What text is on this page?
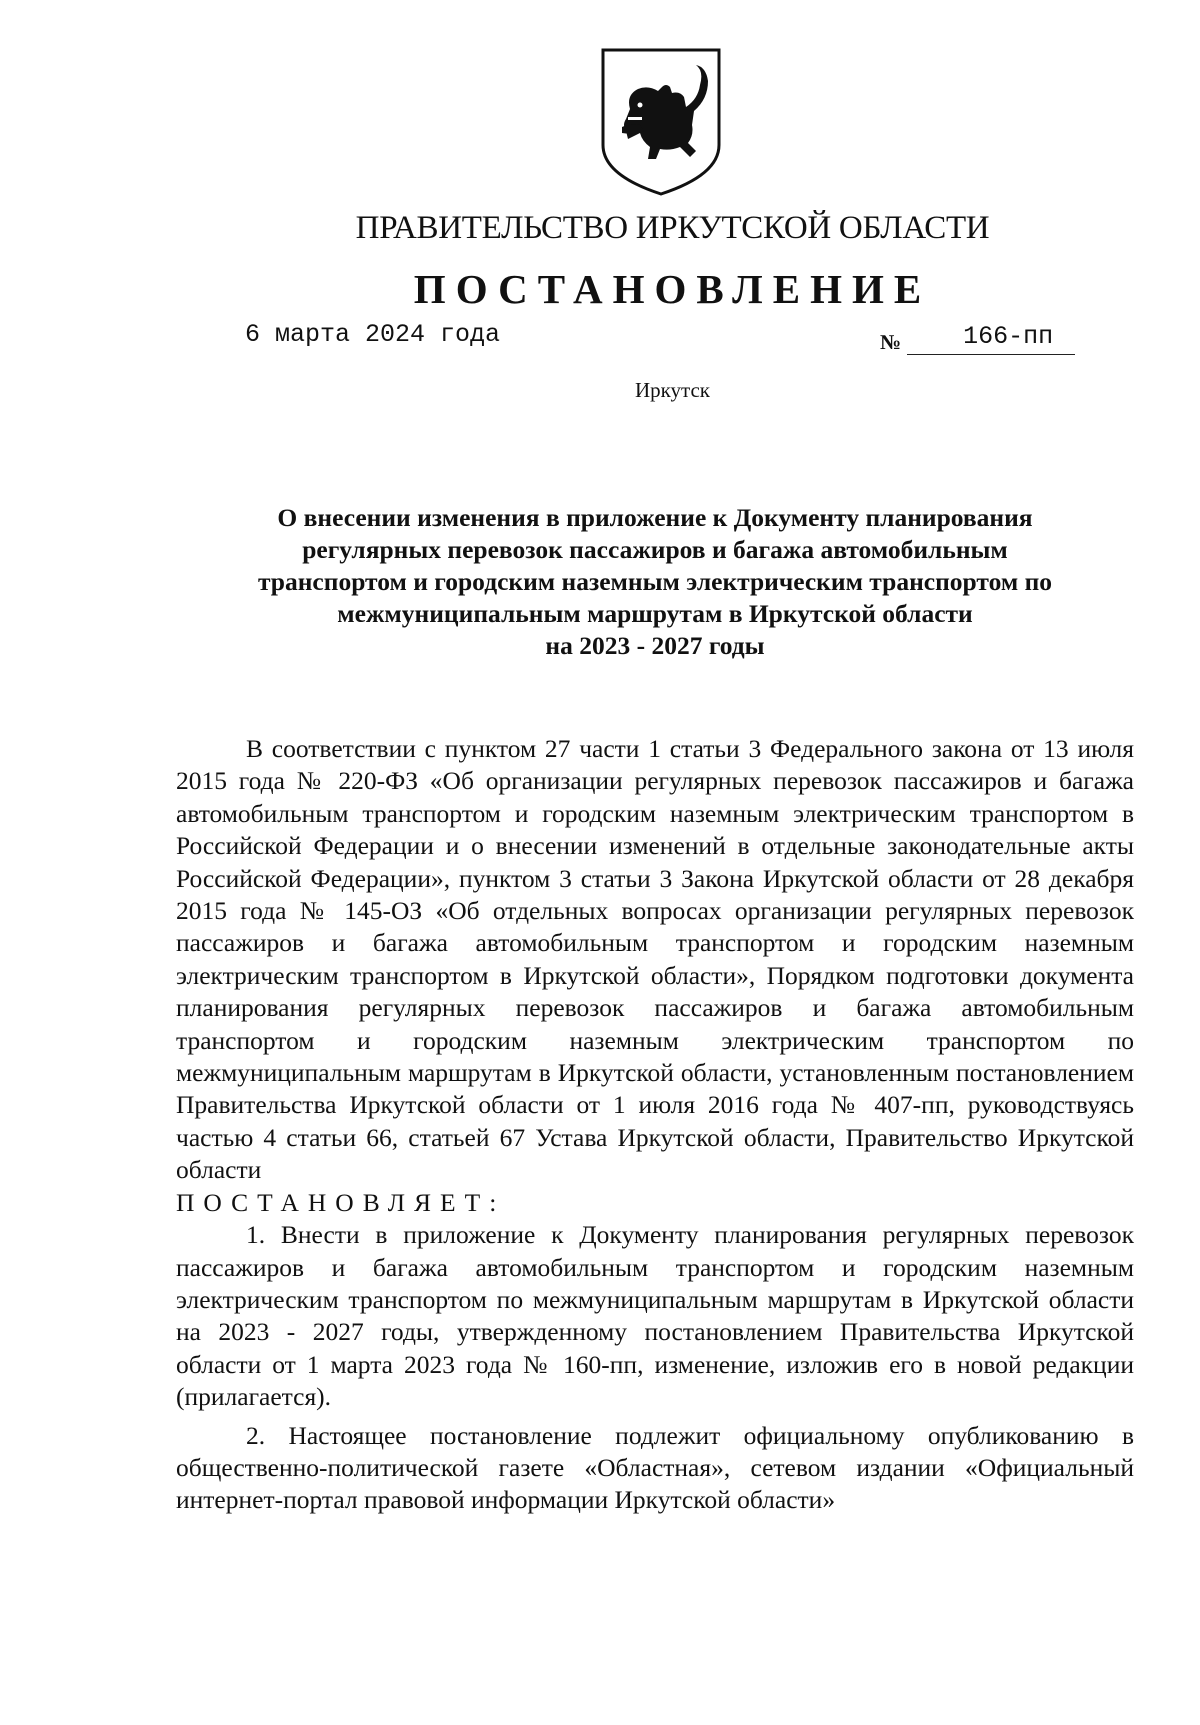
ПРАВИТЕЛЬСТВО ИРКУТСКОЙ ОБЛАСТИ
ПОСТАНОВЛЕНИЕ
6 марта 2024 года	№ 166-пп
Иркутск
О внесении изменения в приложение к Документу планирования
регулярных перевозок пассажиров и багажа автомобильным
транспортом и городским наземным электрическим транспортом по
межмуниципальным маршрутам в Иркутской области
на 2023 - 2027 годы

В соответствии с пунктом 27 части 1 статьи 3 Федерального закона от 13 июля 2015 года № 220-ФЗ «Об организации регулярных перевозок пассажиров и багажа автомобильным транспортом и городским наземным электрическим транспортом в Российской Федерации и о внесении изменений в отдельные законодательные акты Российской Федерации», пунктом 3 статьи 3 Закона Иркутской области от 28 декабря 2015 года № 145-ОЗ «Об отдельных вопросах организации регулярных перевозок пассажиров и багажа автомобильным транспортом и городским наземным электрическим транспортом в Иркутской области», Порядком подготовки документа планирования регулярных перевозок пассажиров и багажа автомобильным транспортом и городским наземным электрическим транспортом по межмуниципальным маршрутам в Иркутской области, установленным постановлением Правительства Иркутской области от 1 июля 2016 года № 407-пп, руководствуясь частью 4 статьи 66, статьей 67 Устава Иркутской области, Правительство Иркутской области

ПОСТАНОВЛЯЕТ:

1. Внести в приложение к Документу планирования регулярных перевозок пассажиров и багажа автомобильным транспортом и городским наземным электрическим транспортом по межмуниципальным маршрутам в Иркутской области на 2023 - 2027 годы, утвержденному постановлением Правительства Иркутской области от 1 марта 2023 года № 160-пп, изменение, изложив его в новой редакции (прилагается).

2. Настоящее постановление подлежит официальному опубликованию в общественно-политической газете «Областная», сетевом издании «Официальный интернет-портал правовой информации Иркутской области»
